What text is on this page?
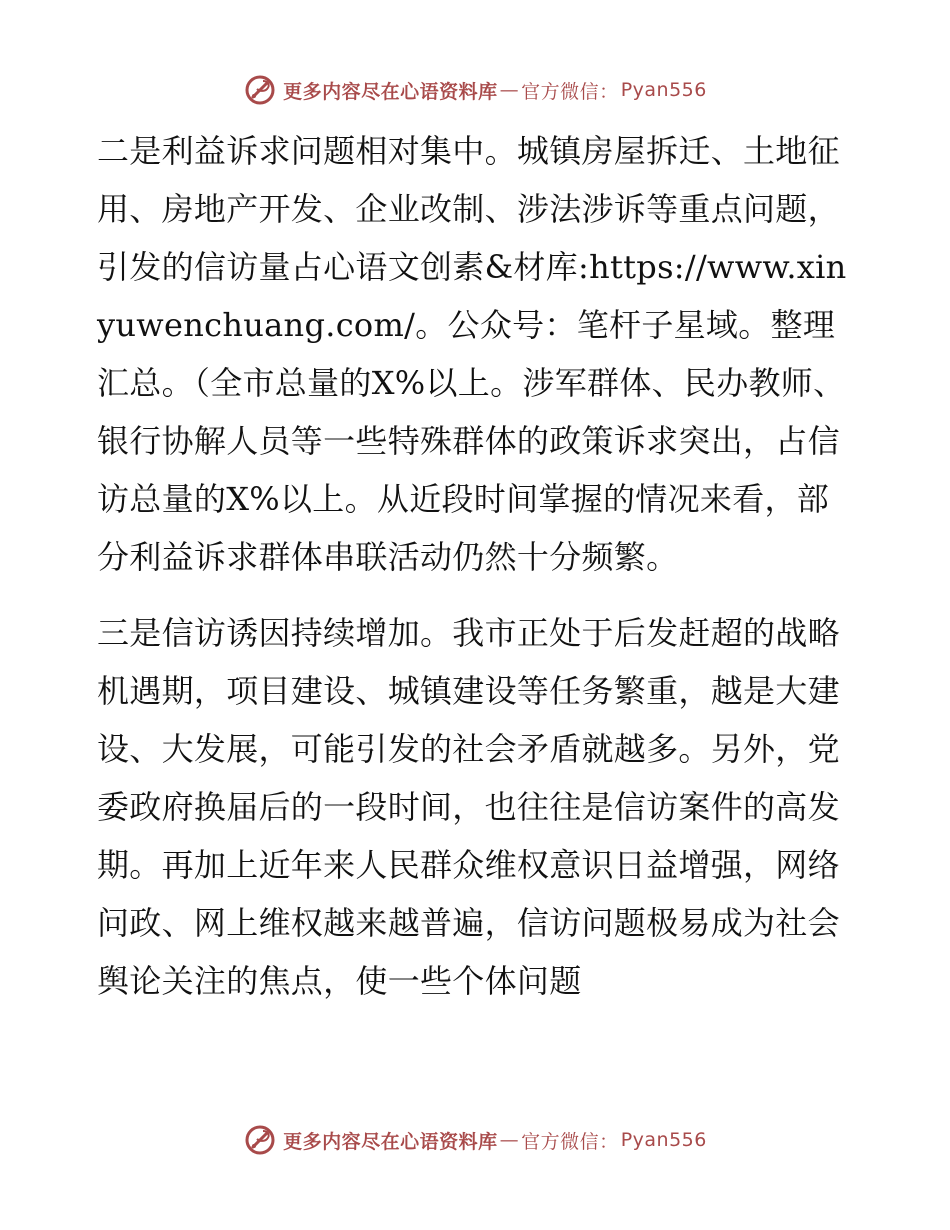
更多内容尽在心语资料库 — 官方微信： Pyan556

二是利益诉求问题相对集中。城镇房屋拆迁、土地征用、房地产开发、企业改制、涉法涉诉等重点问题，引发的信访量占心语文创素&材库:https://www.xinyuwenchuang.com/。公众号：笔杆子星域。整理汇总。（全市总量的X%以上。涉军群体、民办教师、银行协解人员等一些特殊群体的政策诉求突出，占信访总量的X%以上。从近段时间掌握的情况来看，部分利益诉求群体串联活动仍然十分频繁。

三是信访诱因持续增加。我市正处于后发赶超的战略机遇期，项目建设、城镇建设等任务繁重，越是大建设、大发展，可能引发的社会矛盾就越多。另外，党委政府换届后的一段时间，也往往是信访案件的高发期。再加上近年来人民群众维权意识日益增强，网络问政、网上维权越来越普遍，信访问题极易成为社会舆论关注的焦点，使一些个体问题

更多内容尽在心语资料库 — 官方微信： Pyan556
